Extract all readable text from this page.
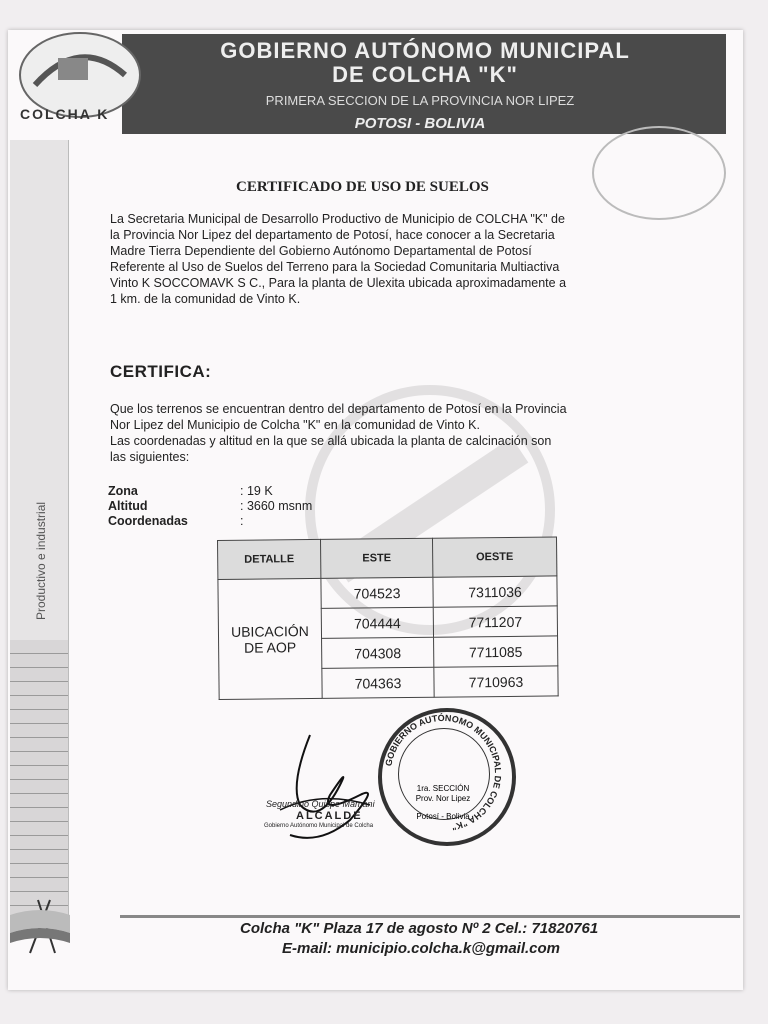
Productivo e industrial
COLCHA K
GOBIERNO AUTÓNOMO MUNICIPAL
DE COLCHA "K"
PRIMERA SECCION DE LA PROVINCIA NOR LIPEZ
POTOSI - BOLIVIA
CERTIFICADO DE USO DE SUELOS
La Secretaria Municipal de Desarrollo Productivo de Municipio de COLCHA "K" de
la Provincia Nor Lipez del departamento de Potosí, hace conocer a la Secretaria
Madre Tierra Dependiente del Gobierno Autónomo Departamental de Potosí
Referente al Uso de Suelos del Terreno para la Sociedad Comunitaria Multiactiva
Vinto K SOCCOMAVK S C., Para la planta de Ulexita ubicada aproximadamente a
1 km. de la comunidad de Vinto K.
CERTIFICA:
Que los terrenos se encuentran dentro del departamento de Potosí en la Provincia
Nor Lipez del Municipio de Colcha "K" en la comunidad de Vinto K.
Las coordenadas y altitud en la que se allá ubicada la planta de calcinación son
las siguientes:
Zona	: 19 K
Altitud	: 3660 msnm
Coordenadas	:
DETALLE	ESTE	OESTE

UBICACIÓN
DE AOP	704523	7311036
	704444	7711207
	704308	7711085
	704363	7710963
Segundino Quispe Mamani
ALCALDE
Gobierno Autónomo Municipal de Colcha
GOBIERNO AUTÓNOMO MUNICIPAL DE COLCHA "K"
1ra. SECCIÓN
Prov. Nor Lipez
Potosí - Bolivia
Colcha "K" Plaza 17 de agosto Nº 2 Cel.: 71820761
E-mail: municipio.colcha.k@gmail.com
